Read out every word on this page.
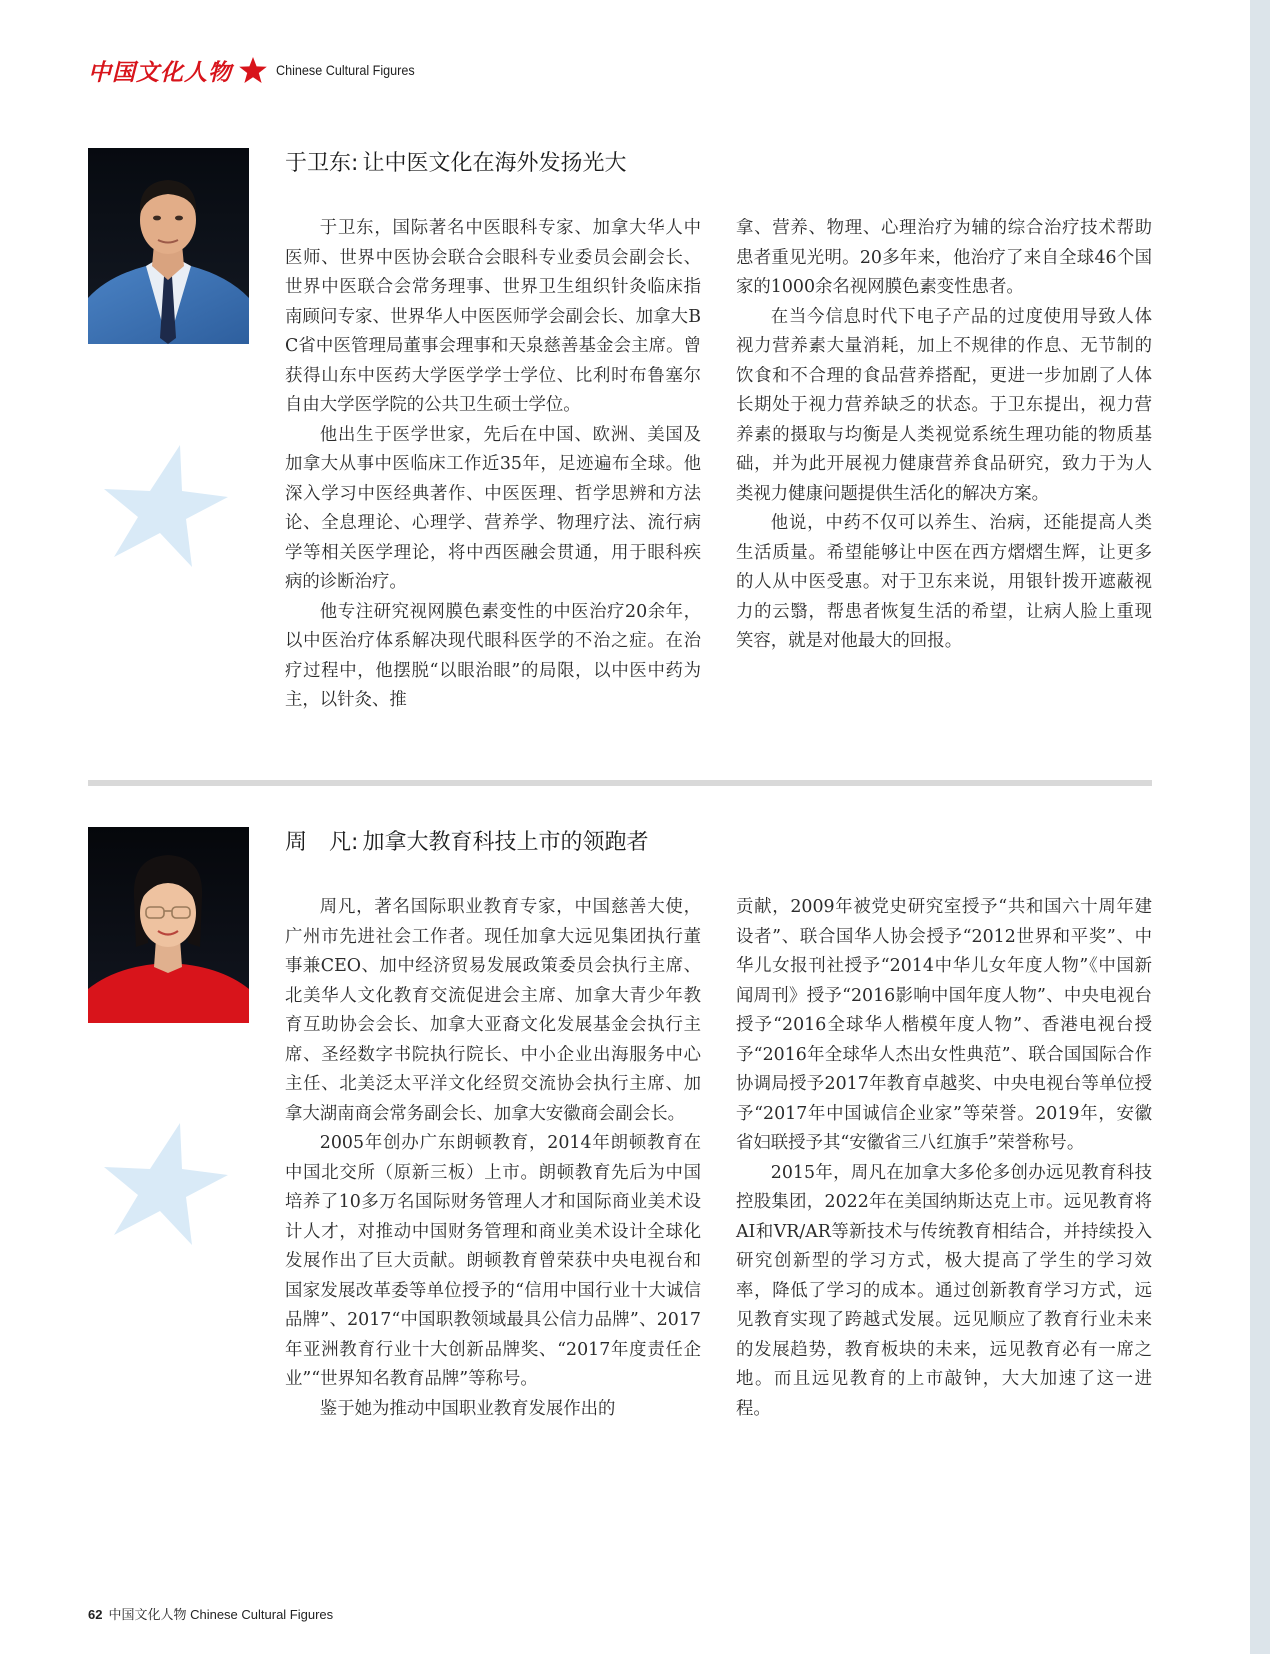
中国文化人物	Chinese Cultural Figures
于卫东: 让中医文化在海外发扬光大

于卫东，国际著名中医眼科专家、加拿大华人中医师、世界中医协会联合会眼科专业委员会副会长、世界中医联合会常务理事、世界卫生组织针灸临床指南顾问专家、世界华人中医医师学会副会长、加拿大BC省中医管理局董事会理事和天泉慈善基金会主席。曾获得山东中医药大学医学学士学位、比利时布鲁塞尔自由大学医学院的公共卫生硕士学位。

他出生于医学世家，先后在中国、欧洲、美国及加拿大从事中医临床工作近35年，足迹遍布全球。他深入学习中医经典著作、中医医理、哲学思辨和方法论、全息理论、心理学、营养学、物理疗法、流行病学等相关医学理论，将中西医融会贯通，用于眼科疾病的诊断治疗。

他专注研究视网膜色素变性的中医治疗20余年，以中医治疗体系解决现代眼科医学的不治之症。在治疗过程中，他摆脱“以眼治眼”的局限，以中医中药为主，以针灸、推

拿、营养、物理、心理治疗为辅的综合治疗技术帮助患者重见光明。20多年来，他治疗了来自全球46个国家的1000余名视网膜色素变性患者。

在当今信息时代下电子产品的过度使用导致人体视力营养素大量消耗，加上不规律的作息、无节制的饮食和不合理的食品营养搭配，更进一步加剧了人体长期处于视力营养缺乏的状态。于卫东提出，视力营养素的摄取与均衡是人类视觉系统生理功能的物质基础，并为此开展视力健康营养食品研究，致力于为人类视力健康问题提供生活化的解决方案。

他说，中药不仅可以养生、治病，还能提高人类生活质量。希望能够让中医在西方熠熠生辉，让更多的人从中医受惠。对于卫东来说，用银针拨开遮蔽视力的云翳，帮患者恢复生活的希望，让病人脸上重现笑容，就是对他最大的回报。

周　凡: 加拿大教育科技上市的领跑者

周凡，著名国际职业教育专家，中国慈善大使，广州市先进社会工作者。现任加拿大远见集团执行董事兼CEO、加中经济贸易发展政策委员会执行主席、北美华人文化教育交流促进会主席、加拿大青少年教育互助协会会长、加拿大亚裔文化发展基金会执行主席、圣经数字书院执行院长、中小企业出海服务中心主任、北美泛太平洋文化经贸交流协会执行主席、加拿大湖南商会常务副会长、加拿大安徽商会副会长。

2005年创办广东朗顿教育，2014年朗顿教育在中国北交所（原新三板）上市。朗顿教育先后为中国培养了10多万名国际财务管理人才和国际商业美术设计人才，对推动中国财务管理和商业美术设计全球化发展作出了巨大贡献。朗顿教育曾荣获中央电视台和国家发展改革委等单位授予的“信用中国行业十大诚信品牌”、2017“中国职教领域最具公信力品牌”、2017年亚洲教育行业十大创新品牌奖、“2017年度责任企业”“世界知名教育品牌”等称号。

鉴于她为推动中国职业教育发展作出的

贡献，2009年被党史研究室授予“共和国六十周年建设者”、联合国华人协会授予“2012世界和平奖”、中华儿女报刊社授予“2014中华儿女年度人物”《中国新闻周刊》授予“2016影响中国年度人物”、中央电视台授予“2016全球华人楷模年度人物”、香港电视台授予“2016年全球华人杰出女性典范”、联合国国际合作协调局授予2017年教育卓越奖、中央电视台等单位授予“2017年中国诚信企业家”等荣誉。2019年，安徽省妇联授予其“安徽省三八红旗手”荣誉称号。

2015年，周凡在加拿大多伦多创办远见教育科技控股集团，2022年在美国纳斯达克上市。远见教育将AI和VR/AR等新技术与传统教育相结合，并持续投入研究创新型的学习方式，极大提高了学生的学习效率，降低了学习的成本。通过创新教育学习方式，远见教育实现了跨越式发展。远见顺应了教育行业未来的发展趋势，教育板块的未来，远见教育必有一席之地。而且远见教育的上市敲钟，大大加速了这一进程。

62 中国文化人物 Chinese Cultural Figures
